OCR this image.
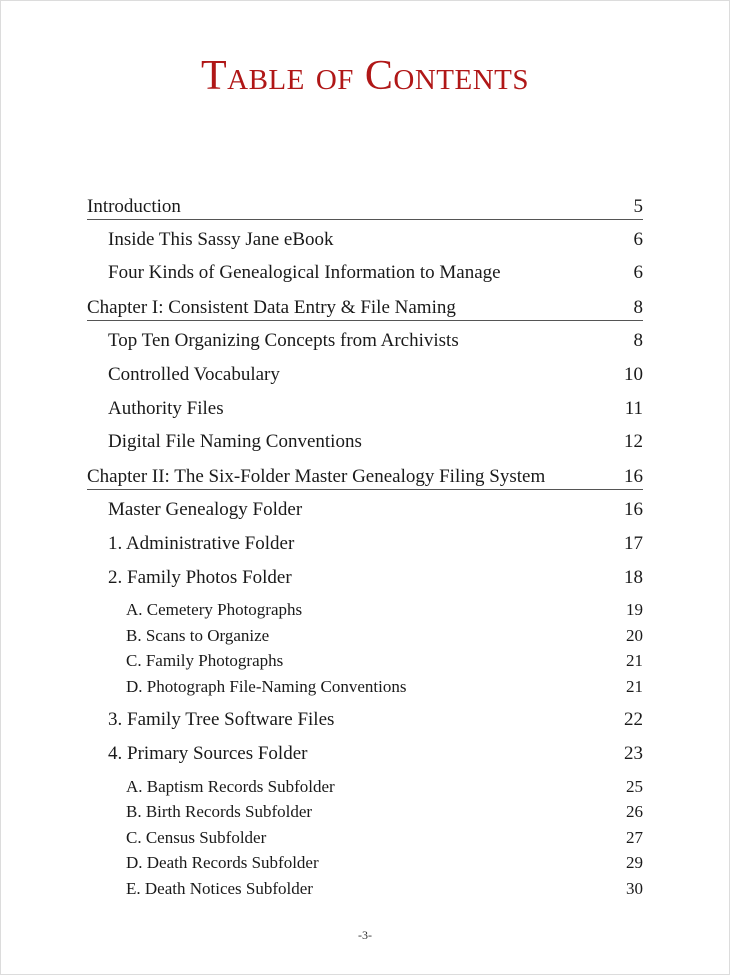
Table of Contents
Introduction	5
Inside This Sassy Jane eBook	6
Four Kinds of Genealogical Information to Manage	6
Chapter I: Consistent Data Entry & File Naming	8
Top Ten Organizing Concepts from Archivists	8
Controlled Vocabulary	10
Authority Files	11
Digital File Naming Conventions	12
Chapter II: The Six-Folder Master Genealogy Filing System	16
Master Genealogy Folder	16
1. Administrative Folder	17
2. Family Photos Folder	18
A. Cemetery Photographs	19
B. Scans to Organize	20
C. Family Photographs	21
D. Photograph File-Naming Conventions	21
3. Family Tree Software Files	22
4. Primary Sources Folder	23
A. Baptism Records Subfolder	25
B. Birth Records Subfolder	26
C. Census Subfolder	27
D. Death Records Subfolder	29
E. Death Notices Subfolder	30
-3-
